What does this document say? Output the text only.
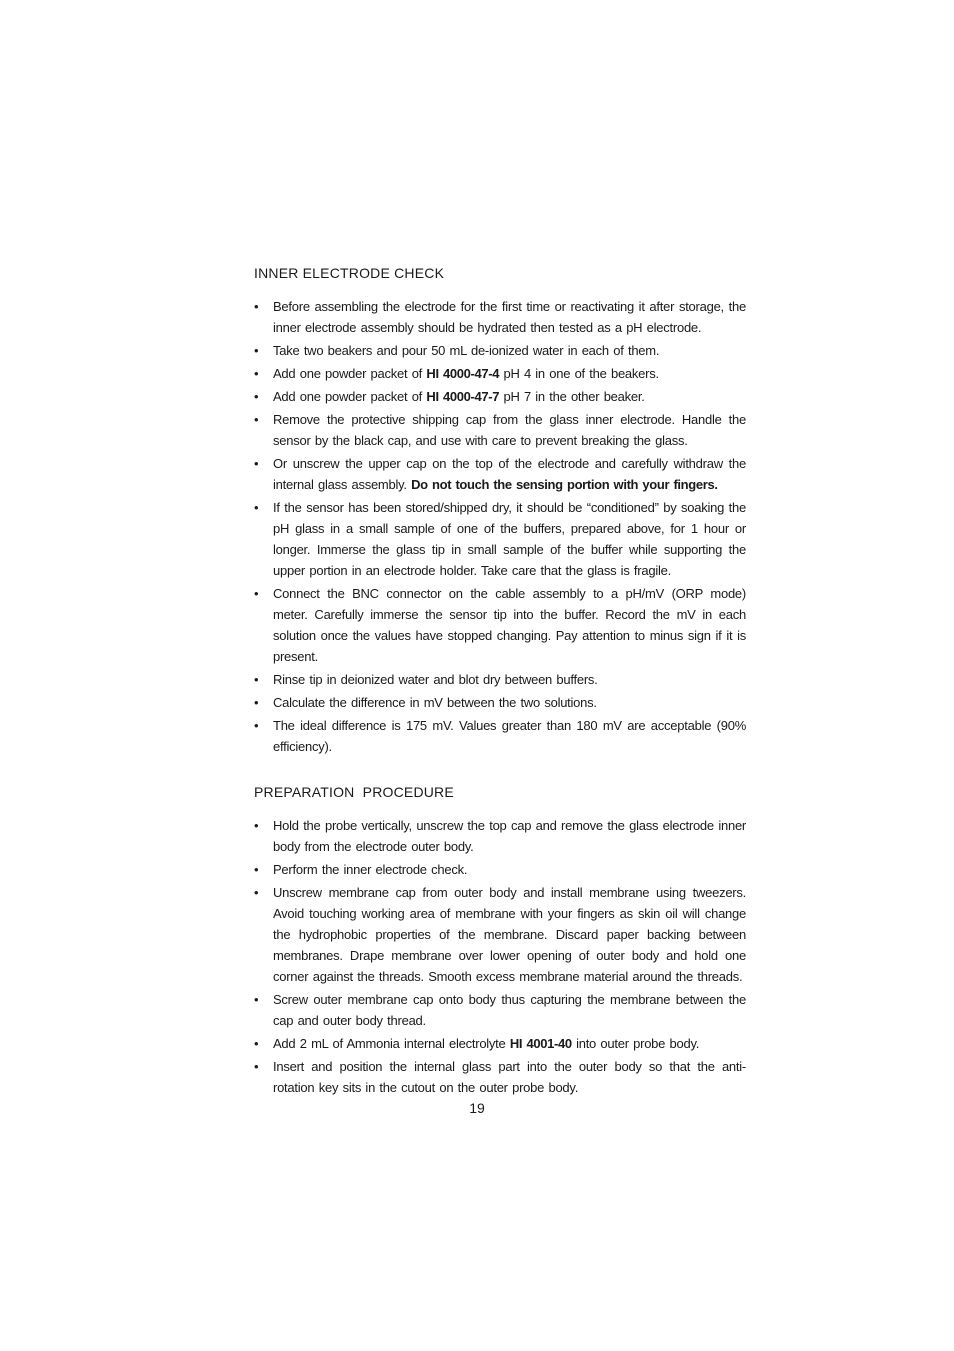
INNER ELECTRODE CHECK
• Before assembling the electrode for the first time or reactivating it after storage, the inner electrode assembly should be hydrated then tested as a pH electrode.
• Take two beakers and pour 50 mL de-ionized water in each of them.
• Add one powder packet of HI 4000-47-4 pH 4 in one of the beakers.
• Add one powder packet of HI 4000-47-7 pH 7 in the other beaker.
• Remove the protective shipping cap from the glass inner electrode. Handle the sensor by the black cap, and use with care to prevent breaking the glass.
• Or unscrew the upper cap on the top of the electrode and carefully withdraw the internal glass assembly. Do not touch the sensing portion with your fingers.
• If the sensor has been stored/shipped dry, it should be “conditioned” by soaking the pH glass in a small sample of one of the buffers, prepared above, for 1 hour or longer. Immerse the glass tip in small sample of the buffer while supporting the upper portion in an electrode holder. Take care that the glass is fragile.
• Connect the BNC connector on the cable assembly to a pH/mV (ORP mode) meter. Carefully immerse the sensor tip into the buffer. Record the mV in each solution once the values have stopped changing. Pay attention to minus sign if it is present.
• Rinse tip in deionized water and blot dry between buffers.
• Calculate the difference in mV between the two solutions.
• The ideal difference is 175 mV. Values greater than 180 mV are acceptable (90% efficiency).
PREPARATION  PROCEDURE
• Hold the probe vertically, unscrew the top cap and remove the glass electrode inner body from the electrode outer body.
• Perform the inner electrode check.
• Unscrew membrane cap from outer body and install membrane using tweezers. Avoid touching working area of membrane with your fingers as skin oil will change the hydrophobic properties of the membrane. Discard paper backing between membranes. Drape membrane over lower opening of outer body and hold one corner against the threads. Smooth excess membrane material around the threads.
• Screw outer membrane cap onto body thus capturing the membrane between the cap and outer body thread.
• Add 2 mL of Ammonia internal electrolyte HI 4001-40 into outer probe body.
• Insert and position the internal glass part into the outer body so that the anti-rotation key sits in the cutout on the outer probe body.
19
